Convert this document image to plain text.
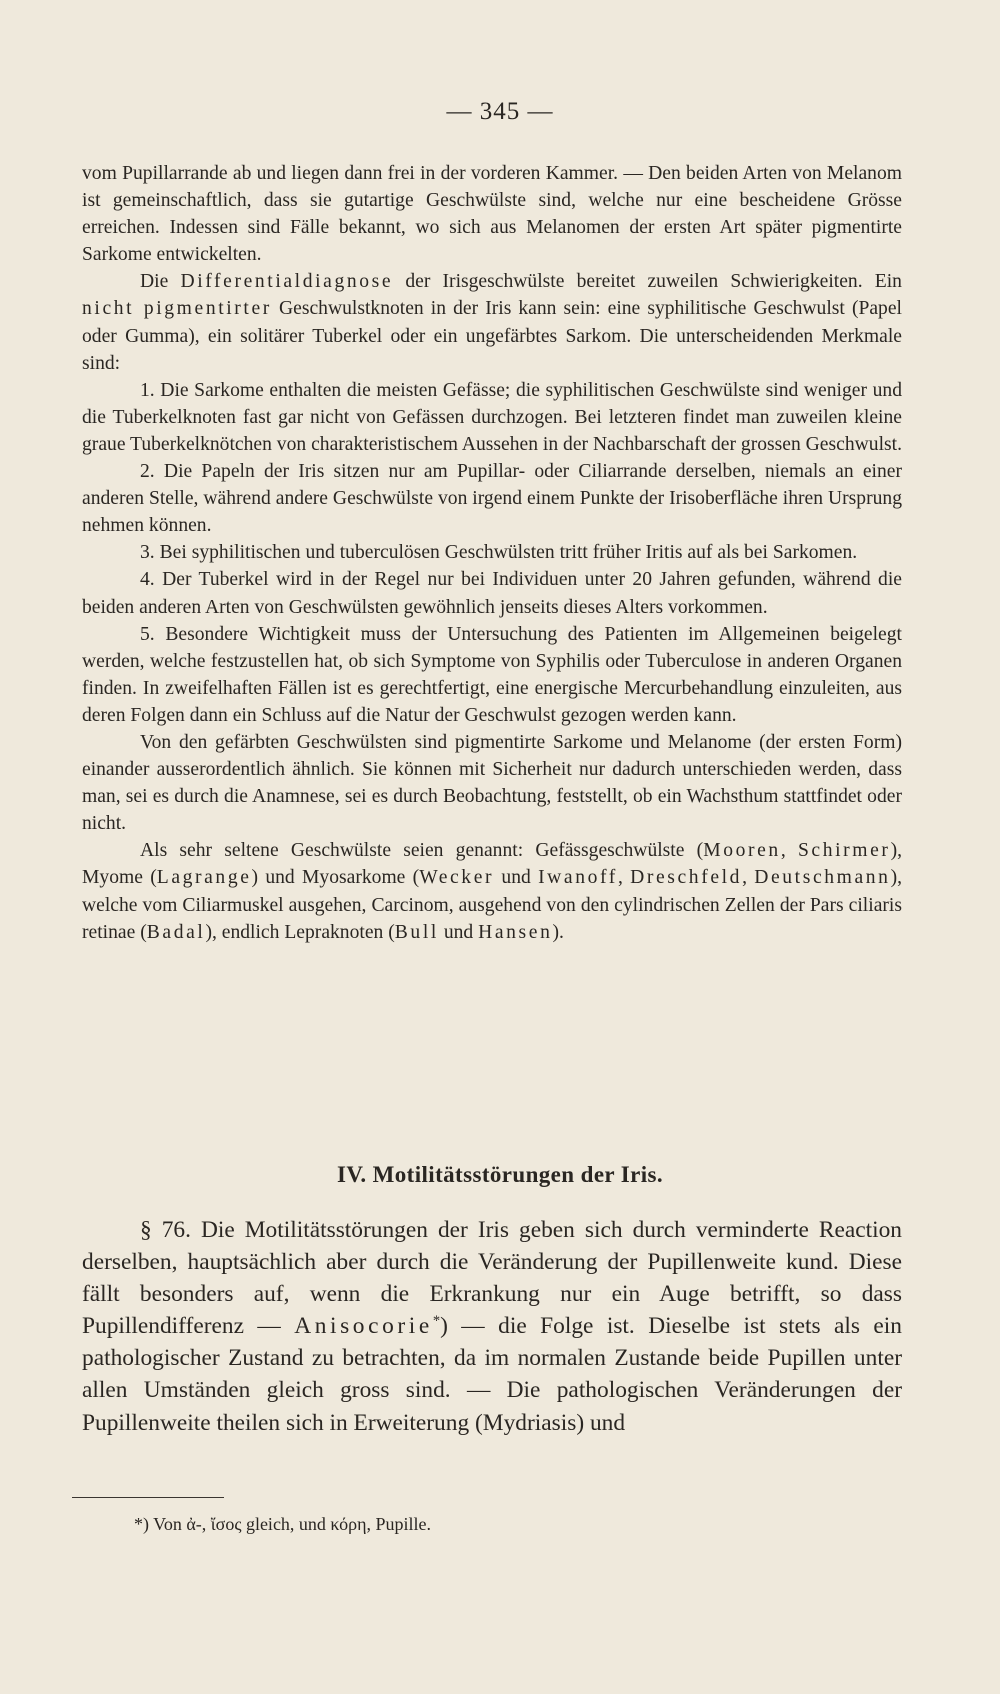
— 345 —

vom Pupillarrande ab und liegen dann frei in der vorderen Kammer. — Den beiden Arten von Melanom ist gemeinschaftlich, dass sie gutartige Geschwülste sind, welche nur eine bescheidene Grösse erreichen. Indessen sind Fälle bekannt, wo sich aus Melanomen der ersten Art später pigmentirte Sarkome entwickelten.

Die Differentialdiagnose der Irisgeschwülste bereitet zuweilen Schwierigkeiten. Ein nicht pigmentirter Geschwulstknoten in der Iris kann sein: eine syphilitische Geschwulst (Papel oder Gumma), ein solitärer Tuberkel oder ein ungefärbtes Sarkom. Die unterscheidenden Merkmale sind:

1. Die Sarkome enthalten die meisten Gefässe; die syphilitischen Geschwülste sind weniger und die Tuberkelknoten fast gar nicht von Gefässen durchzogen. Bei letzteren findet man zuweilen kleine graue Tuberkelknötchen von charakteristischem Aussehen in der Nachbarschaft der grossen Geschwulst.

2. Die Papeln der Iris sitzen nur am Pupillar- oder Ciliarrande derselben, niemals an einer anderen Stelle, während andere Geschwülste von irgend einem Punkte der Irisoberfläche ihren Ursprung nehmen können.

3. Bei syphilitischen und tuberculösen Geschwülsten tritt früher Iritis auf als bei Sarkomen.

4. Der Tuberkel wird in der Regel nur bei Individuen unter 20 Jahren gefunden, während die beiden anderen Arten von Geschwülsten gewöhnlich jenseits dieses Alters vorkommen.

5. Besondere Wichtigkeit muss der Untersuchung des Patienten im Allgemeinen beigelegt werden, welche festzustellen hat, ob sich Symptome von Syphilis oder Tuberculose in anderen Organen finden. In zweifelhaften Fällen ist es gerechtfertigt, eine energische Mercurbehandlung einzuleiten, aus deren Folgen dann ein Schluss auf die Natur der Geschwulst gezogen werden kann.

Von den gefärbten Geschwülsten sind pigmentirte Sarkome und Melanome (der ersten Form) einander ausserordentlich ähnlich. Sie können mit Sicherheit nur dadurch unterschieden werden, dass man, sei es durch die Anamnese, sei es durch Beobachtung, feststellt, ob ein Wachsthum stattfindet oder nicht.

Als sehr seltene Geschwülste seien genannt: Gefässgeschwülste (Mooren, Schirmer), Myome (Lagrange) und Myosarkome (Wecker und Iwanoff, Dreschfeld, Deutschmann), welche vom Ciliarmuskel ausgehen, Carcinom, ausgehend von den cylindrischen Zellen der Pars ciliaris retinae (Badal), endlich Lepraknoten (Bull und Hansen).

IV. Motilitätsstörungen der Iris.

§ 76. Die Motilitätsstörungen der Iris geben sich durch verminderte Reaction derselben, hauptsächlich aber durch die Veränderung der Pupillenweite kund. Diese fällt besonders auf, wenn die Erkrankung nur ein Auge betrifft, so dass Pupillendifferenz — Anisocorie*) — die Folge ist. Dieselbe ist stets als ein pathologischer Zustand zu betrachten, da im normalen Zustande beide Pupillen unter allen Umständen gleich gross sind. — Die pathologischen Veränderungen der Pupillenweite theilen sich in Erweiterung (Mydriasis) und

*) Von ἀ-, ἴσος gleich, und κόρη, Pupille.
